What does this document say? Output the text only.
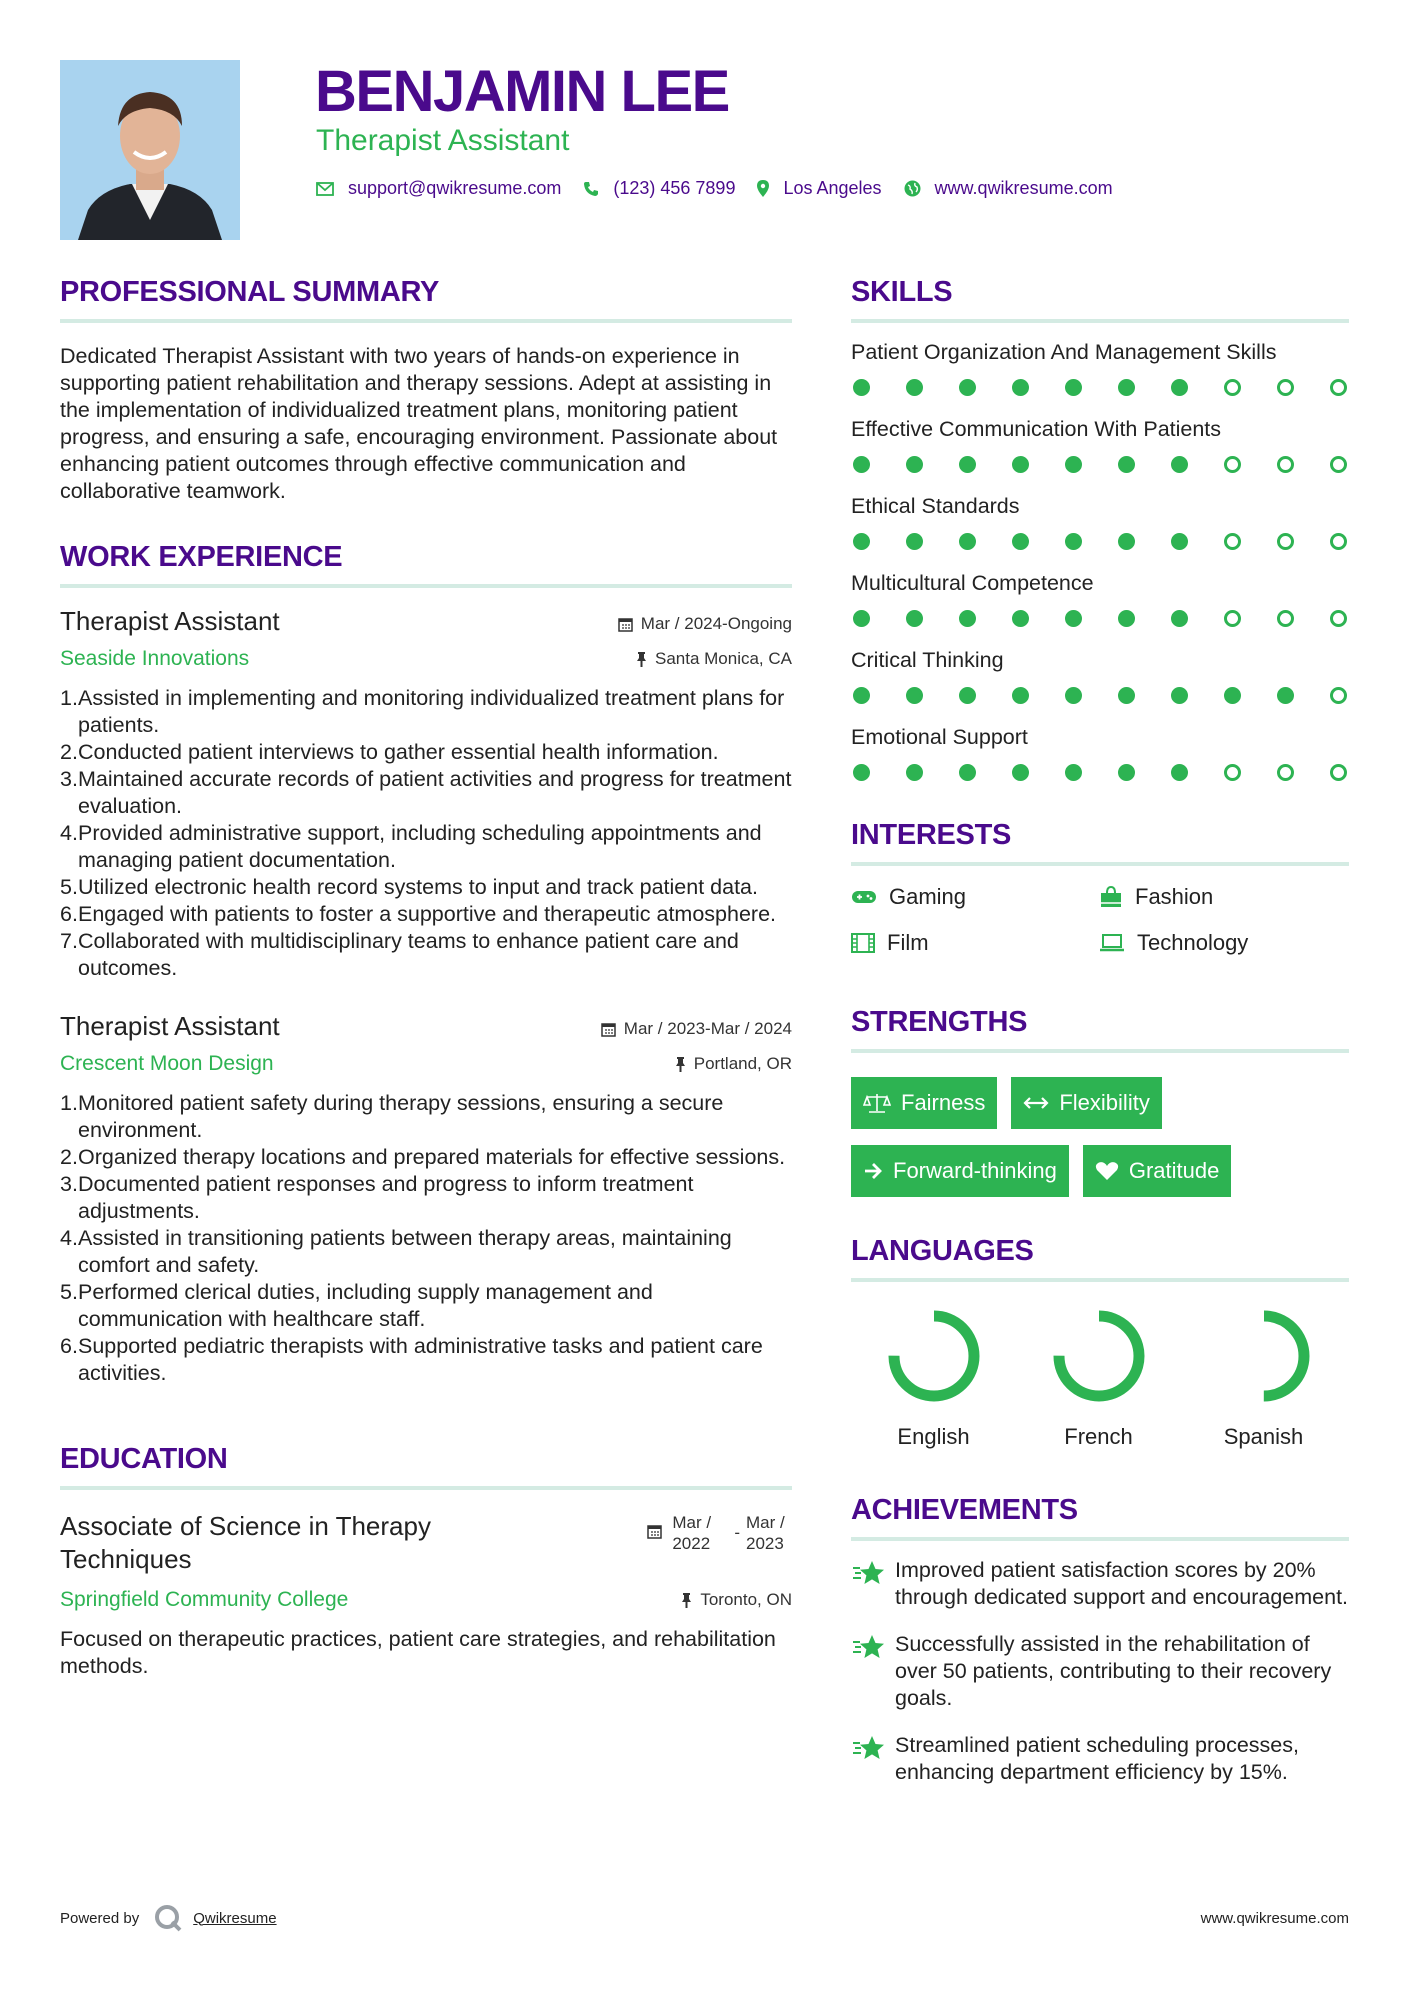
BENJAMIN LEE
Therapist Assistant
support@qwikresume.com	(123) 456 7899	Los Angeles	www.qwikresume.com
PROFESSIONAL SUMMARY
Dedicated Therapist Assistant with two years of hands-on experience in supporting patient rehabilitation and therapy sessions. Adept at assisting in the implementation of individualized treatment plans, monitoring patient progress, and ensuring a safe, encouraging environment. Passionate about enhancing patient outcomes through effective communication and collaborative teamwork.
WORK EXPERIENCE
Therapist Assistant	Mar / 2024-Ongoing
Seaside Innovations	Santa Monica, CA
1.Assisted in implementing and monitoring individualized treatment plans for patients.
2.Conducted patient interviews to gather essential health information.
3.Maintained accurate records of patient activities and progress for treatment evaluation.
4.Provided administrative support, including scheduling appointments and managing patient documentation.
5.Utilized electronic health record systems to input and track patient data.
6.Engaged with patients to foster a supportive and therapeutic atmosphere.
7.Collaborated with multidisciplinary teams to enhance patient care and outcomes.
Therapist Assistant	Mar / 2023-Mar / 2024
Crescent Moon Design	Portland, OR
1.Monitored patient safety during therapy sessions, ensuring a secure environment.
2.Organized therapy locations and prepared materials for effective sessions.
3.Documented patient responses and progress to inform treatment adjustments.
4.Assisted in transitioning patients between therapy areas, maintaining comfort and safety.
5.Performed clerical duties, including supply management and communication with healthcare staff.
6.Supported pediatric therapists with administrative tasks and patient care activities.
EDUCATION
Associate of Science in Therapy Techniques
Mar / 2022
-
Mar / 2023
Springfield Community College	Toronto, ON
Focused on therapeutic practices, patient care strategies, and rehabilitation methods.
SKILLS
Patient Organization And Management Skills
Effective Communication With Patients
Ethical Standards
Multicultural Competence
Critical Thinking
Emotional Support
INTERESTS
Gaming	Fashion
Film	Technology
STRENGTHS
Fairness	Flexibility
Forward-thinking	Gratitude
LANGUAGES
English	French	Spanish
ACHIEVEMENTS
Improved patient satisfaction scores by 20% through dedicated support and encouragement.
Successfully assisted in the rehabilitation of over 50 patients, contributing to their recovery goals.
Streamlined patient scheduling processes, enhancing department efficiency by 15%.
Powered by	Qwikresume	www.qwikresume.com
